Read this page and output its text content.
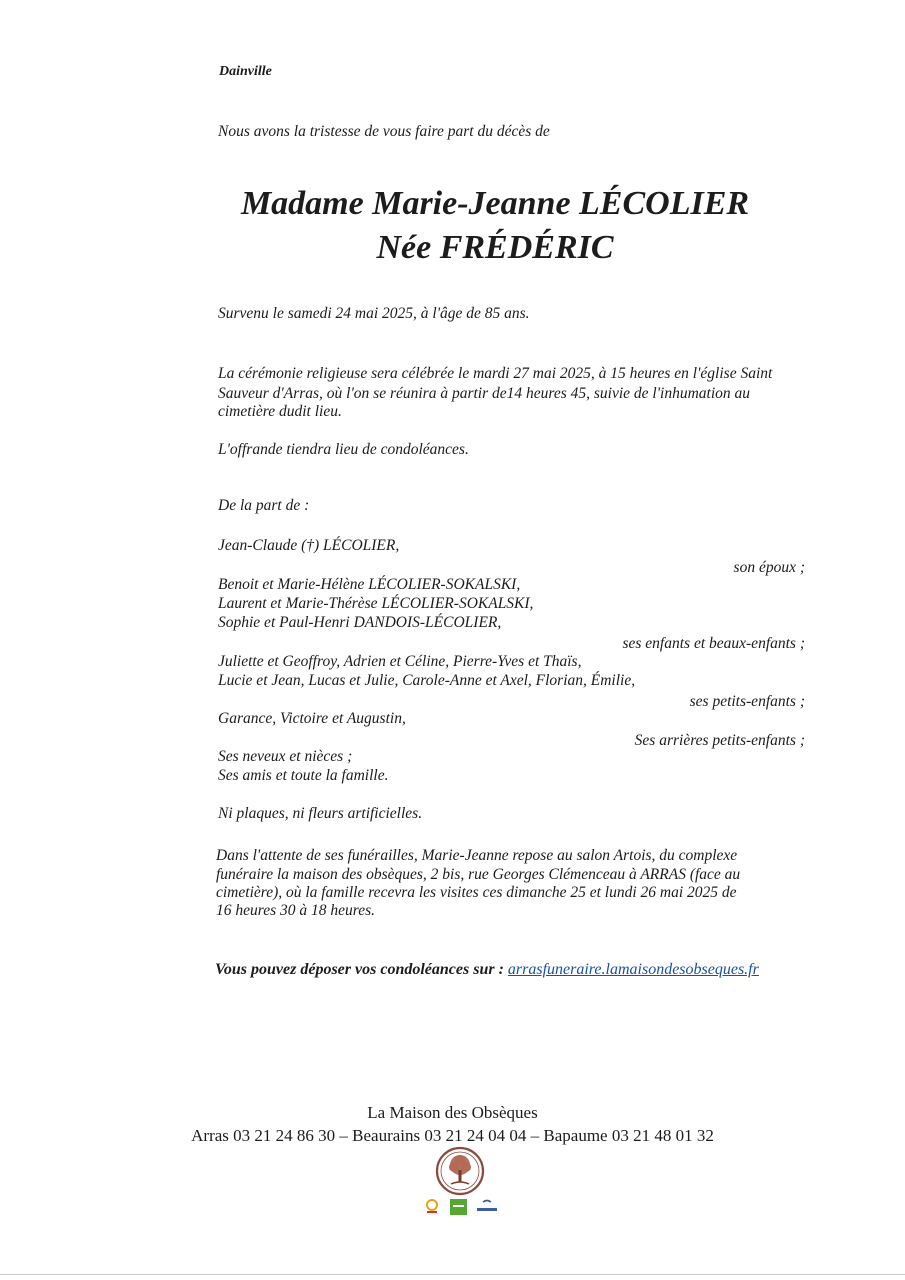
Dainville
Nous avons la tristesse de vous faire part du décès de
Madame Marie-Jeanne LÉCOLIER
Née FRÉDÉRIC
Survenu le samedi 24 mai 2025, à l'âge de 85 ans.
La cérémonie religieuse sera célébrée le mardi 27 mai 2025, à 15 heures en l'église Saint
Sauveur d'Arras, où l'on se réunira à partir de14 heures 45, suivie de l'inhumation au
cimetière dudit lieu.
L'offrande tiendra lieu de condoléances.
De la part de :
Jean-Claude (†) LÉCOLIER,
son époux ;
Benoit et Marie-Hélène LÉCOLIER-SOKALSKI,
Laurent et Marie-Thérèse LÉCOLIER-SOKALSKI,
Sophie et Paul-Henri DANDOIS-LÉCOLIER,
ses enfants et beaux-enfants ;
Juliette et Geoffroy, Adrien et Céline, Pierre-Yves et Thaïs,
Lucie et Jean, Lucas et Julie, Carole-Anne et Axel, Florian, Émilie,
ses petits-enfants ;
Garance, Victoire et Augustin,
Ses arrières petits-enfants ;
Ses neveux et nièces ;
Ses amis et toute la famille.
Ni plaques, ni fleurs artificielles.
Dans l'attente de ses funérailles, Marie-Jeanne repose au salon Artois, du complexe
funéraire la maison des obsèques, 2 bis, rue Georges Clémenceau à ARRAS (face au
cimetière), où la famille recevra les visites ces dimanche 25 et lundi 26 mai 2025 de
16 heures 30 à 18 heures.
Vous pouvez déposer vos condoléances sur : arrasfuneraire.lamaisondesobseques.fr
La Maison des Obsèques
Arras 03 21 24 86 30 – Beaurains 03 21 24 04 04 – Bapaume 03 21 48 01 32
